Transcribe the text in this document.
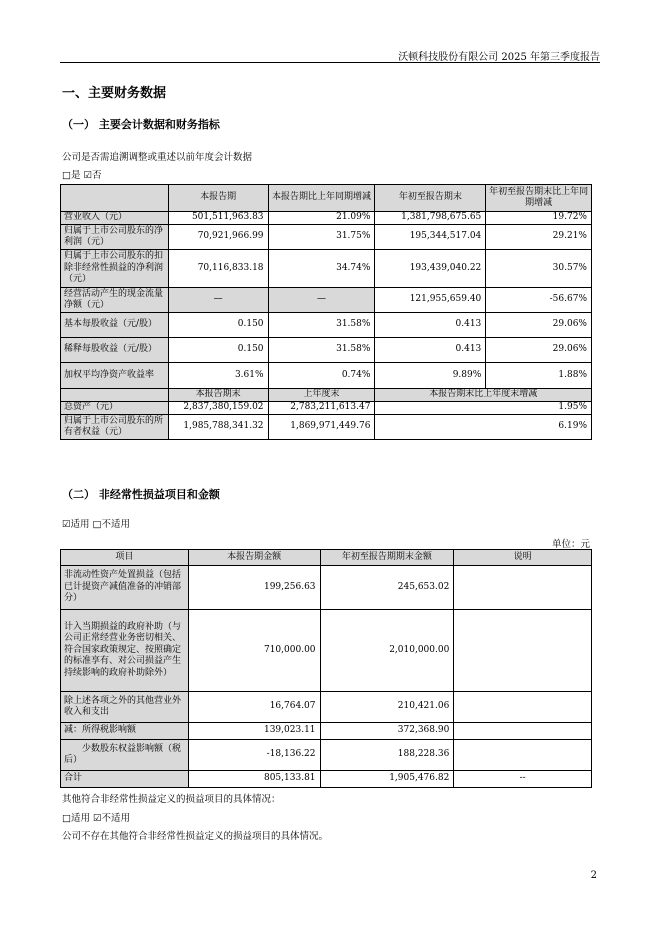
沃顿科技股份有限公司 2025 年第三季度报告
一、主要财务数据
（一） 主要会计数据和财务指标
公司是否需追溯调整或重述以前年度会计数据
□是 ☑否
	本报告期	本报告期比上年同期增减	年初至报告期末	年初至报告期末比上年同期增减
营业收入（元）	501,511,963.83	21.09%	1,381,798,675.65	19.72%
归属于上市公司股东的净利润（元）	70,921,966.99	31.75%	195,344,517.04	29.21%
归属于上市公司股东的扣除非经常性损益的净利润（元）	70,116,833.18	34.74%	193,439,040.22	30.57%
经营活动产生的现金流量净额（元）	—	—	121,955,659.40	-56.67%
基本每股收益（元/股）	0.150	31.58%	0.413	29.06%
稀释每股收益（元/股）	0.150	31.58%	0.413	29.06%
加权平均净资产收益率	3.61%	0.74%	9.89%	1.88%
	本报告期末	上年度末	本报告期末比上年度末增减	
总资产（元）	2,837,380,159.02	2,783,211,613.47	1.95%	
归属于上市公司股东的所有者权益（元）	1,985,788,341.32	1,869,971,449.76	6.19%	
（二） 非经常性损益项目和金额
☑适用 □不适用
单位：元
项目	本报告期金额	年初至报告期期末金额	说明
非流动性资产处置损益（包括已计提资产减值准备的冲销部分）	199,256.63	245,653.02	
计入当期损益的政府补助（与公司正常经营业务密切相关、符合国家政策规定、按照确定的标准享有、对公司损益产生持续影响的政府补助除外）	710,000.00	2,010,000.00	
除上述各项之外的其他营业外收入和支出	16,764.07	210,421.06	
减：所得税影响额	139,023.11	372,368.90	
少数股东权益影响额（税后）	-18,136.22	188,228.36	
合计	805,133.81	1,905,476.82	--
其他符合非经常性损益定义的损益项目的具体情况：
□适用 ☑不适用
公司不存在其他符合非经常性损益定义的损益项目的具体情况。
2
